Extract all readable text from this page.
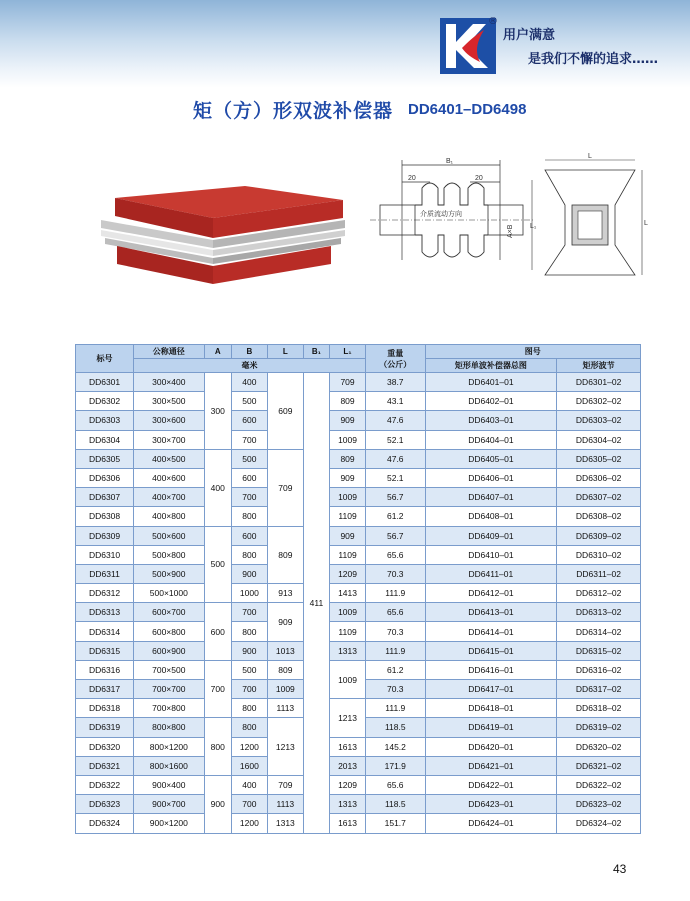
®
用户满意
是我们不懈的追求……
矩（方）形双波补偿器 DD6401–DD6498
B₁
20	20
介质流动方向
A×B
L
L₁	L
标号	公称通径	A	B	L	B₁	L₁	重量
（公斤）	图号	
	毫米							矩形单波补偿器总图	矩形波节
DD6301	300×400	300	400	609	411	709	38.7	DD6401–01	DD6301–02
DD6302	300×500		500			809	43.1	DD6402–01	DD6302–02
DD6303	300×600		600			909	47.6	DD6403–01	DD6303–02
DD6304	300×700		700			1009	52.1	DD6404–01	DD6304–02
DD6305	400×500	400	500	709		809	47.6	DD6405–01	DD6305–02
DD6306	400×600		600			909	52.1	DD6406–01	DD6306–02
DD6307	400×700		700			1009	56.7	DD6407–01	DD6307–02
DD6308	400×800		800			1109	61.2	DD6408–01	DD6308–02
DD6309	500×600	500	600	809		909	56.7	DD6409–01	DD6309–02
DD6310	500×800		800			1109	65.6	DD6410–01	DD6310–02
DD6311	500×900		900			1209	70.3	DD6411–01	DD6311–02
DD6312	500×1000		1000	913		1413	111.9	DD6412–01	DD6312–02
DD6313	600×700	600	700	909		1009	65.6	DD6413–01	DD6313–02
DD6314	600×800		800			1109	70.3	DD6414–01	DD6314–02
DD6315	600×900		900	1013		1313	111.9	DD6415–01	DD6315–02
DD6316	700×500	700	500	809		1009	61.2	DD6416–01	DD6316–02
DD6317	700×700		700	1009			70.3	DD6417–01	DD6317–02
DD6318	700×800		800	1113		1213	111.9	DD6418–01	DD6318–02
DD6319	800×800	800	800	1213			118.5	DD6419–01	DD6319–02
DD6320	800×1200		1200			1613	145.2	DD6420–01	DD6320–02
DD6321	800×1600		1600			2013	171.9	DD6421–01	DD6321–02
DD6322	900×400	900	400	709		1209	65.6	DD6422–01	DD6322–02
DD6323	900×700		700	1113		1313	118.5	DD6423–01	DD6323–02
DD6324	900×1200		1200	1313		1613	151.7	DD6424–01	DD6324–02
43
